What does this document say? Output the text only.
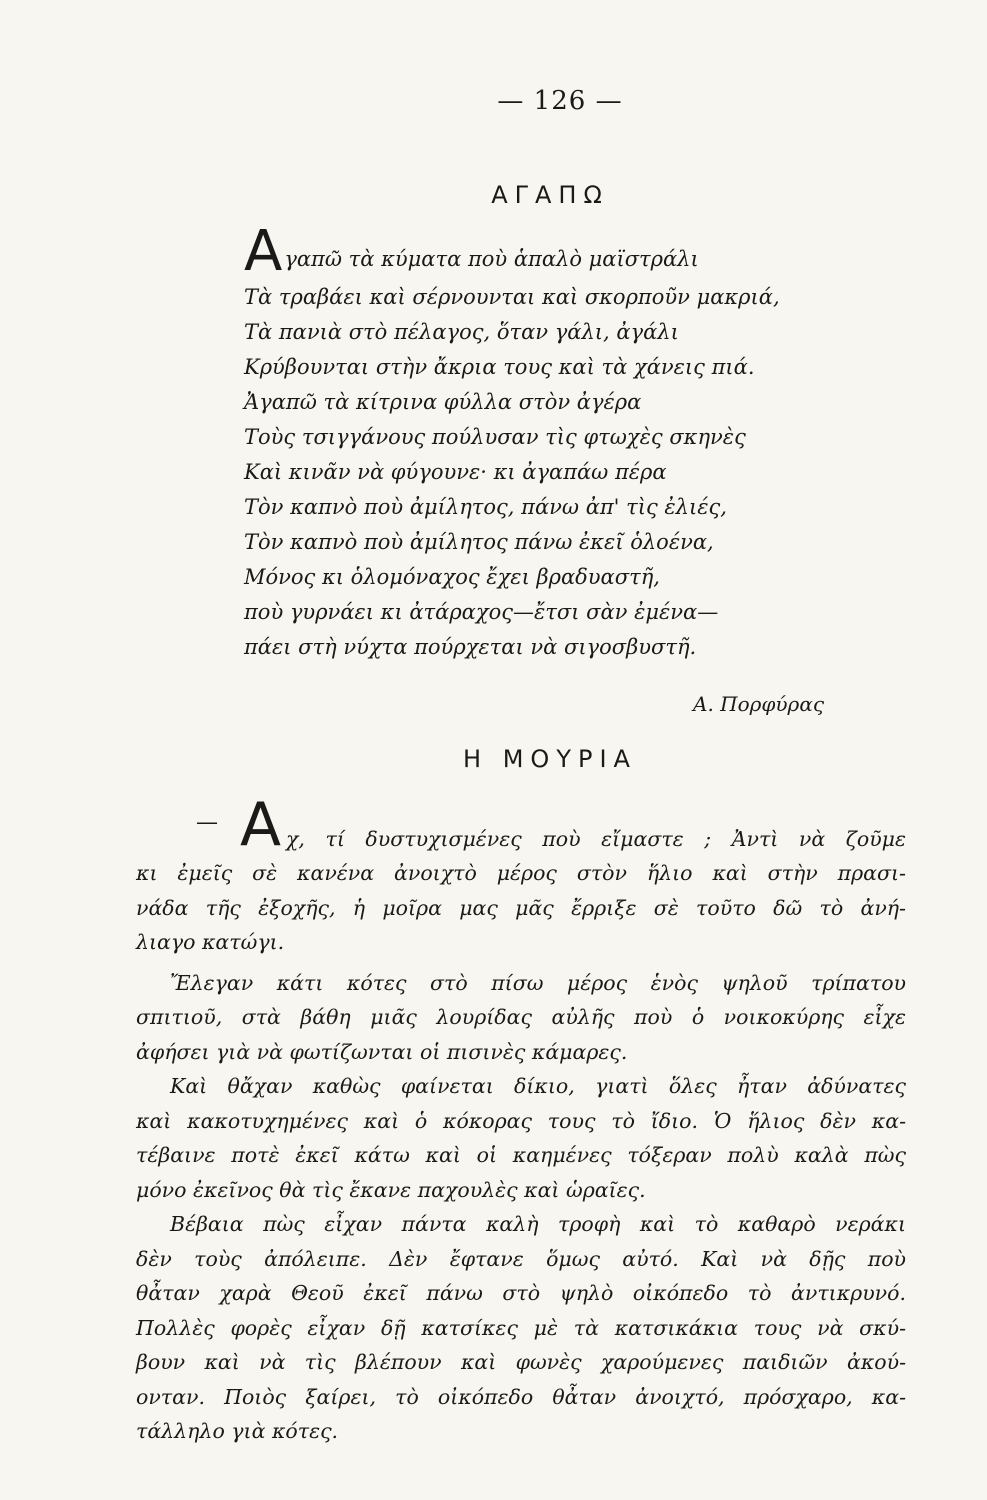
— 126 —
ΑΓΑΠΩ
Αγαπῶ τὰ κύματα ποὺ ἁπαλὸ μαϊστράλι
Τὰ τραβάει καὶ σέρνουνται καὶ σκορποῦν μακριά,
Τὰ πανιὰ στὸ πέλαγος, ὅταν γάλι, ἀγάλι
Κρύβουνται στὴν ἄκρια τους καὶ τὰ χάνεις πιά.
Ἀγαπῶ τὰ κίτρινα φύλλα στὸν ἀγέρα
Τοὺς τσιγγάνους πούλυσαν τὶς φτωχὲς σκηνὲς
Καὶ κινᾶν νὰ φύγουνε· κι ἀγαπάω πέρα
Τὸν καπνὸ ποὺ ἀμίλητος, πάνω ἀπ' τὶς ἐλιές,
Τὸν καπνὸ ποὺ ἀμίλητος πάνω ἐκεῖ ὁλοένα,
Μόνος κι ὁλομόναχος ἔχει βραδυαστῆ,
ποὺ γυρνάει κι ἀτάραχος—ἔτσι σὰν ἐμένα—
πάει στὴ νύχτα πούρχεται νὰ σιγοσβυστῆ.
Α. Πορφύρας
Η ΜΟΥΡΙΑ
— Α χ, τί δυστυχισμένες ποὺ εἴμαστε ; Ἀντὶ νὰ ζοῦμε
κι ἐμεῖς σὲ κανένα ἀνοιχτὸ μέρος στὸν ἥλιο καὶ στὴν πρασι-
νάδα τῆς ἐξοχῆς, ἡ μοῖρα μας μᾶς ἔρριξε σὲ τοῦτο δῶ τὸ ἀνή-
λιαγο κατώγι.
Ἔλεγαν κάτι κότες στὸ πίσω μέρος ἑνὸς ψηλοῦ τρίπατου
σπιτιοῦ, στὰ βάθη μιᾶς λουρίδας αὐλῆς ποὺ ὁ νοικοκύρης εἶχε
ἀφήσει γιὰ νὰ φωτίζωνται οἱ πισινὲς κάμαρες.
Καὶ θἄχαν καθὼς φαίνεται δίκιο, γιατὶ ὅλες ἦταν ἀδύνατες
καὶ κακοτυχημένες καὶ ὁ κόκορας τους τὸ ἴδιο. Ὁ ἥλιος δὲν κα-
τέβαινε ποτὲ ἐκεῖ κάτω καὶ οἱ καημένες τόξεραν πολὺ καλὰ πὼς
μόνο ἐκεῖνος θὰ τὶς ἔκανε παχουλὲς καὶ ὡραῖες.
Βέβαια πὼς εἶχαν πάντα καλὴ τροφὴ καὶ τὸ καθαρὸ νεράκι
δὲν τοὺς ἀπόλειπε. Δὲν ἔφτανε ὅμως αὐτό. Καὶ νὰ δῇς ποὺ
θἆταν χαρὰ Θεοῦ ἐκεῖ πάνω στὸ ψηλὸ οἰκόπεδο τὸ ἀντικρυνό.
Πολλὲς φορὲς εἶχαν δῇ κατσίκες μὲ τὰ κατσικάκια τους νὰ σκύ-
βουν καὶ νὰ τὶς βλέπουν καὶ φωνὲς χαρούμενες παιδιῶν ἀκού-
ονταν. Ποιὸς ξαίρει, τὸ οἰκόπεδο θἆταν ἀνοιχτό, πρόσχαρο, κα-
τάλληλο γιὰ κότες.
